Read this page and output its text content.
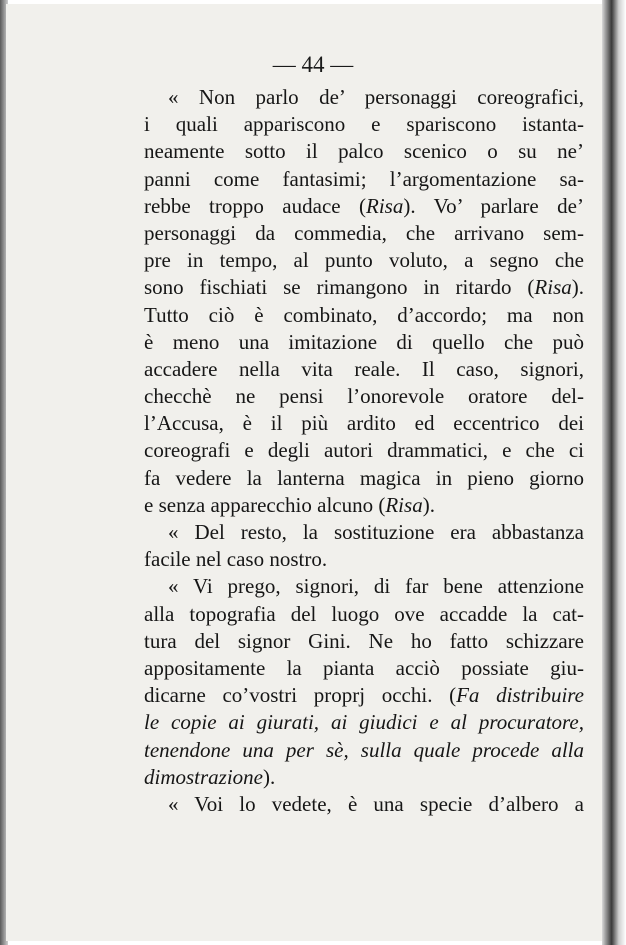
— 44 —
« Non parlo de’ personaggi coreografici,
i quali appariscono e spariscono istanta-
neamente sotto il palco scenico o su ne’
panni come fantasimi; l’argomentazione sa-
rebbe troppo audace (Risa). Vo’ parlare de’
personaggi da commedia, che arrivano sem-
pre in tempo, al punto voluto, a segno che
sono fischiati se rimangono in ritardo (Risa).
Tutto ciò è combinato, d’accordo; ma non
è meno una imitazione di quello che può
accadere nella vita reale. Il caso, signori,
checchè ne pensi l’onorevole oratore del-
l’Accusa, è il più ardito ed eccentrico dei
coreografi e degli autori drammatici, e che ci
fa vedere la lanterna magica in pieno giorno
e senza apparecchio alcuno (Risa).
« Del resto, la sostituzione era abbastanza
facile nel caso nostro.
« Vi prego, signori, di far bene attenzione
alla topografia del luogo ove accadde la cat-
tura del signor Gini. Ne ho fatto schizzare
appositamente la pianta acciò possiate giu-
dicarne co’vostri proprj occhi. (Fa distribuire
le copie ai giurati, ai giudici e al procuratore,
tenendone una per sè, sulla quale procede alla
dimostrazione).
« Voi lo vedete, è una specie d’albero a
